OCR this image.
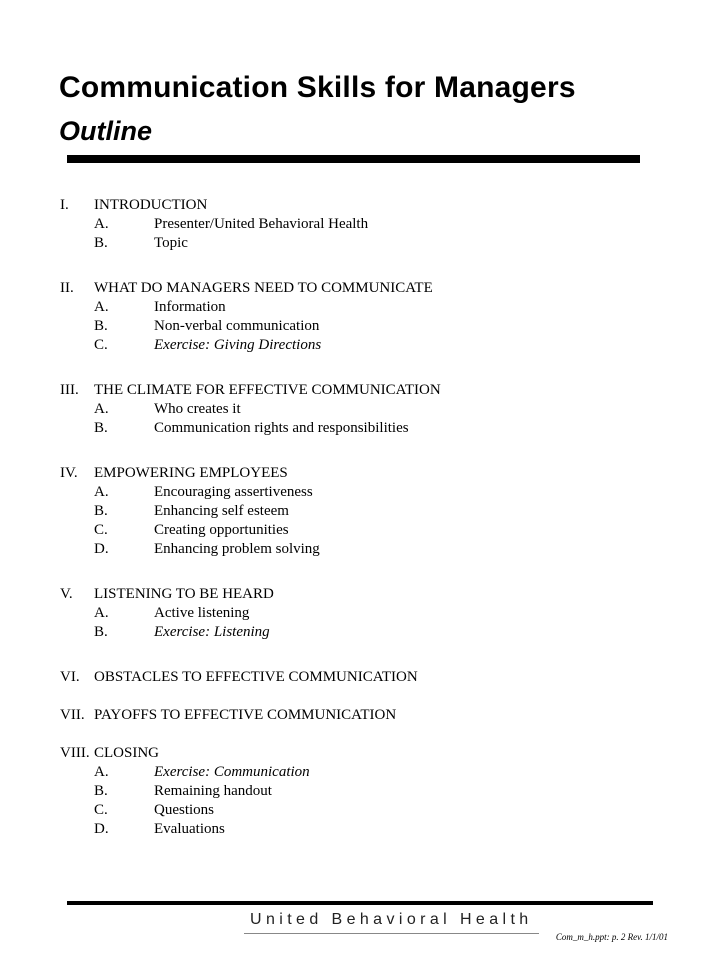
Communication Skills for Managers
Outline
I.	INTRODUCTION
A.	Presenter/United Behavioral Health
B.	Topic
II.	WHAT DO MANAGERS NEED TO COMMUNICATE
A.	Information
B.	Non-verbal communication
C.	Exercise: Giving Directions
III.	THE CLIMATE FOR EFFECTIVE COMMUNICATION
A.	Who creates it
B.	Communication rights and responsibilities
IV.	EMPOWERING EMPLOYEES
A.	Encouraging assertiveness
B.	Enhancing self esteem
C.	Creating opportunities
D.	Enhancing problem solving
V.	LISTENING TO BE HEARD
A.	Active listening
B.	Exercise: Listening
VI. OBSTACLES TO EFFECTIVE COMMUNICATION
VII. PAYOFFS TO EFFECTIVE COMMUNICATION
VIII. CLOSING
A.	Exercise: Communication
B.	Remaining handout
C.	Questions
D.	Evaluations
United Behavioral Health
Com_m_h.ppt: p. 2 Rev. 1/1/01
